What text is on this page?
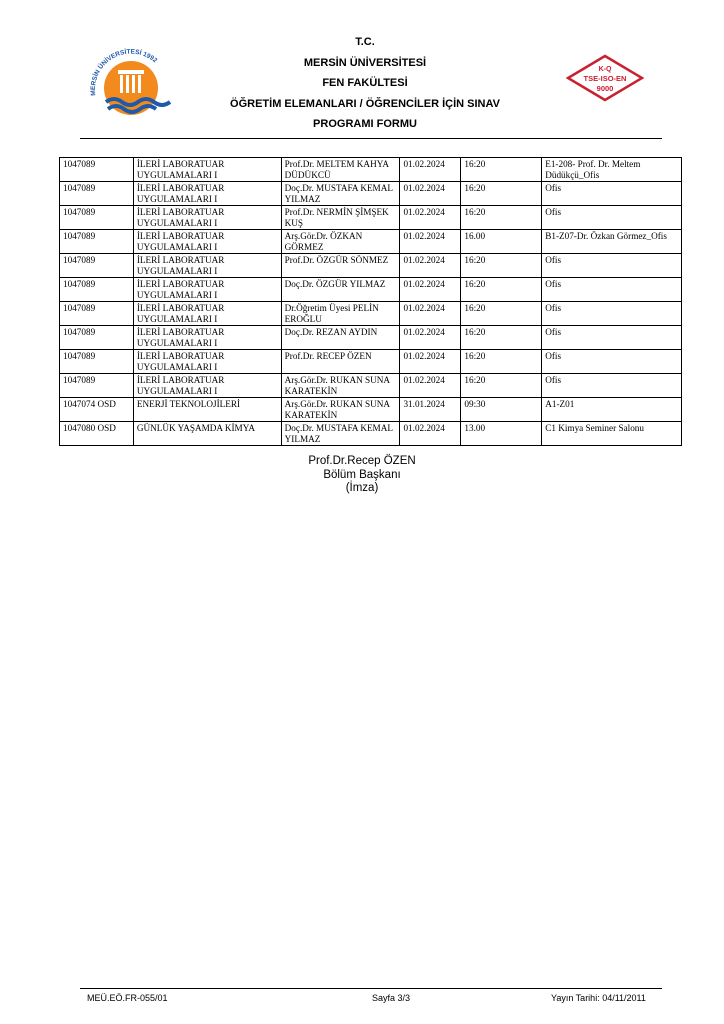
MERSİN ÜNİVERSİTESİ 1992
T.C.
MERSİN ÜNİVERSİTESİ
FEN FAKÜLTESİ
ÖĞRETİM ELEMANLARI / ÖĞRENCİLER İÇİN SINAV
PROGRAMI FORMU
K-Q
TSE-ISO-EN
9000
1047089	İLERİ LABORATUAR UYGULAMALARI I	Prof.Dr. MELTEM KAHYA DÜDÜKCÜ	01.02.2024	16:20	E1-208- Prof. Dr. Meltem Düdükçü_Ofis
1047089	İLERİ LABORATUAR UYGULAMALARI I	Doç.Dr. MUSTAFA KEMAL YILMAZ	01.02.2024	16:20	Ofis
1047089	İLERİ LABORATUAR UYGULAMALARI I	Prof.Dr. NERMİN ŞİMŞEK KUŞ	01.02.2024	16:20	Ofis
1047089	İLERİ LABORATUAR UYGULAMALARI I	Arş.Gör.Dr. ÖZKAN GÖRMEZ	01.02.2024	16.00	B1-Z07-Dr. Özkan Görmez_Ofis
1047089	İLERİ LABORATUAR UYGULAMALARI I	Prof.Dr. ÖZGÜR SÖNMEZ	01.02.2024	16:20	Ofis
1047089	İLERİ LABORATUAR UYGULAMALARI I	Doç.Dr. ÖZGÜR YILMAZ	01.02.2024	16:20	Ofis
1047089	İLERİ LABORATUAR UYGULAMALARI I	Dr.Öğretim Üyesi PELİN EROĞLU	01.02.2024	16:20	Ofis
1047089	İLERİ LABORATUAR UYGULAMALARI I	Doç.Dr. REZAN AYDIN	01.02.2024	16:20	Ofis
1047089	İLERİ LABORATUAR UYGULAMALARI I	Prof.Dr. RECEP ÖZEN	01.02.2024	16:20	Ofis
1047089	İLERİ LABORATUAR UYGULAMALARI I	Arş.Gör.Dr. RUKAN SUNA KARATEKİN	01.02.2024	16:20	Ofis
1047074 OSD	ENERJİ TEKNOLOJİLERİ	Arş.Gör.Dr. RUKAN SUNA KARATEKİN	31.01.2024	09:30	A1-Z01
1047080 OSD	GÜNLÜK YAŞAMDA KİMYA	Doç.Dr. MUSTAFA KEMAL YILMAZ	01.02.2024	13.00	C1 Kimya Seminer Salonu
Prof.Dr.Recep ÖZEN
Bölüm Başkanı
(İmza)
MEÜ.EÖ.FR-055/01	Sayfa 3/3	Yayın Tarihi: 04/11/2011
